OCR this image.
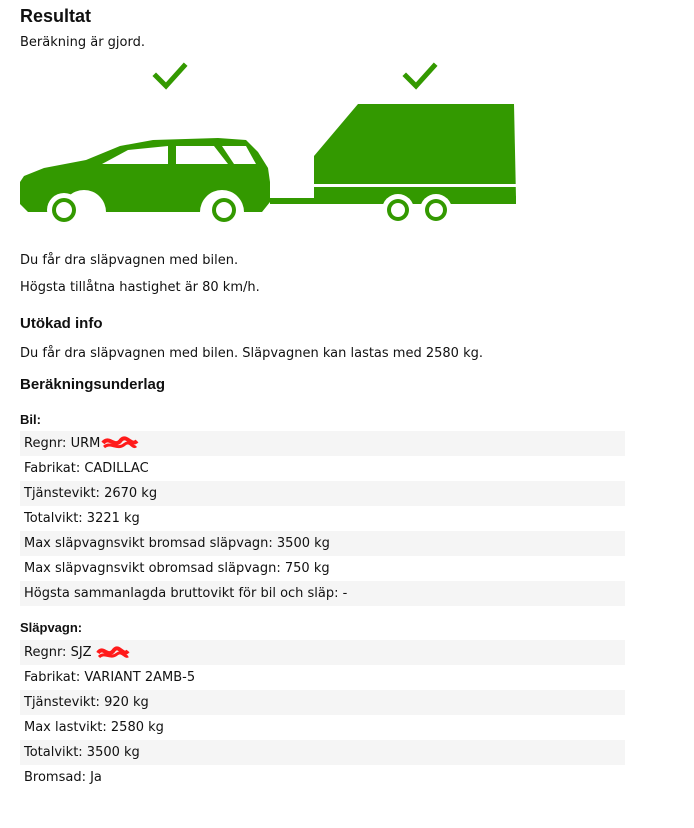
Resultat
Beräkning är gjord.
Du får dra släpvagnen med bilen.
Högsta tillåtna hastighet är 80 km/h.
Utökad info
Du får dra släpvagnen med bilen. Släpvagnen kan lastas med 2580 kg.
Beräkningsunderlag
Bil:
Regnr: URM
Fabrikat: CADILLAC
Tjänstevikt: 2670 kg
Totalvikt: 3221 kg
Max släpvagnsvikt bromsad släpvagn: 3500 kg
Max släpvagnsvikt obromsad släpvagn: 750 kg
Högsta sammanlagda bruttovikt för bil och släp: -
Släpvagn:
Regnr: SJZ
Fabrikat: VARIANT 2AMB-5
Tjänstevikt: 920 kg
Max lastvikt: 2580 kg
Totalvikt: 3500 kg
Bromsad: Ja
